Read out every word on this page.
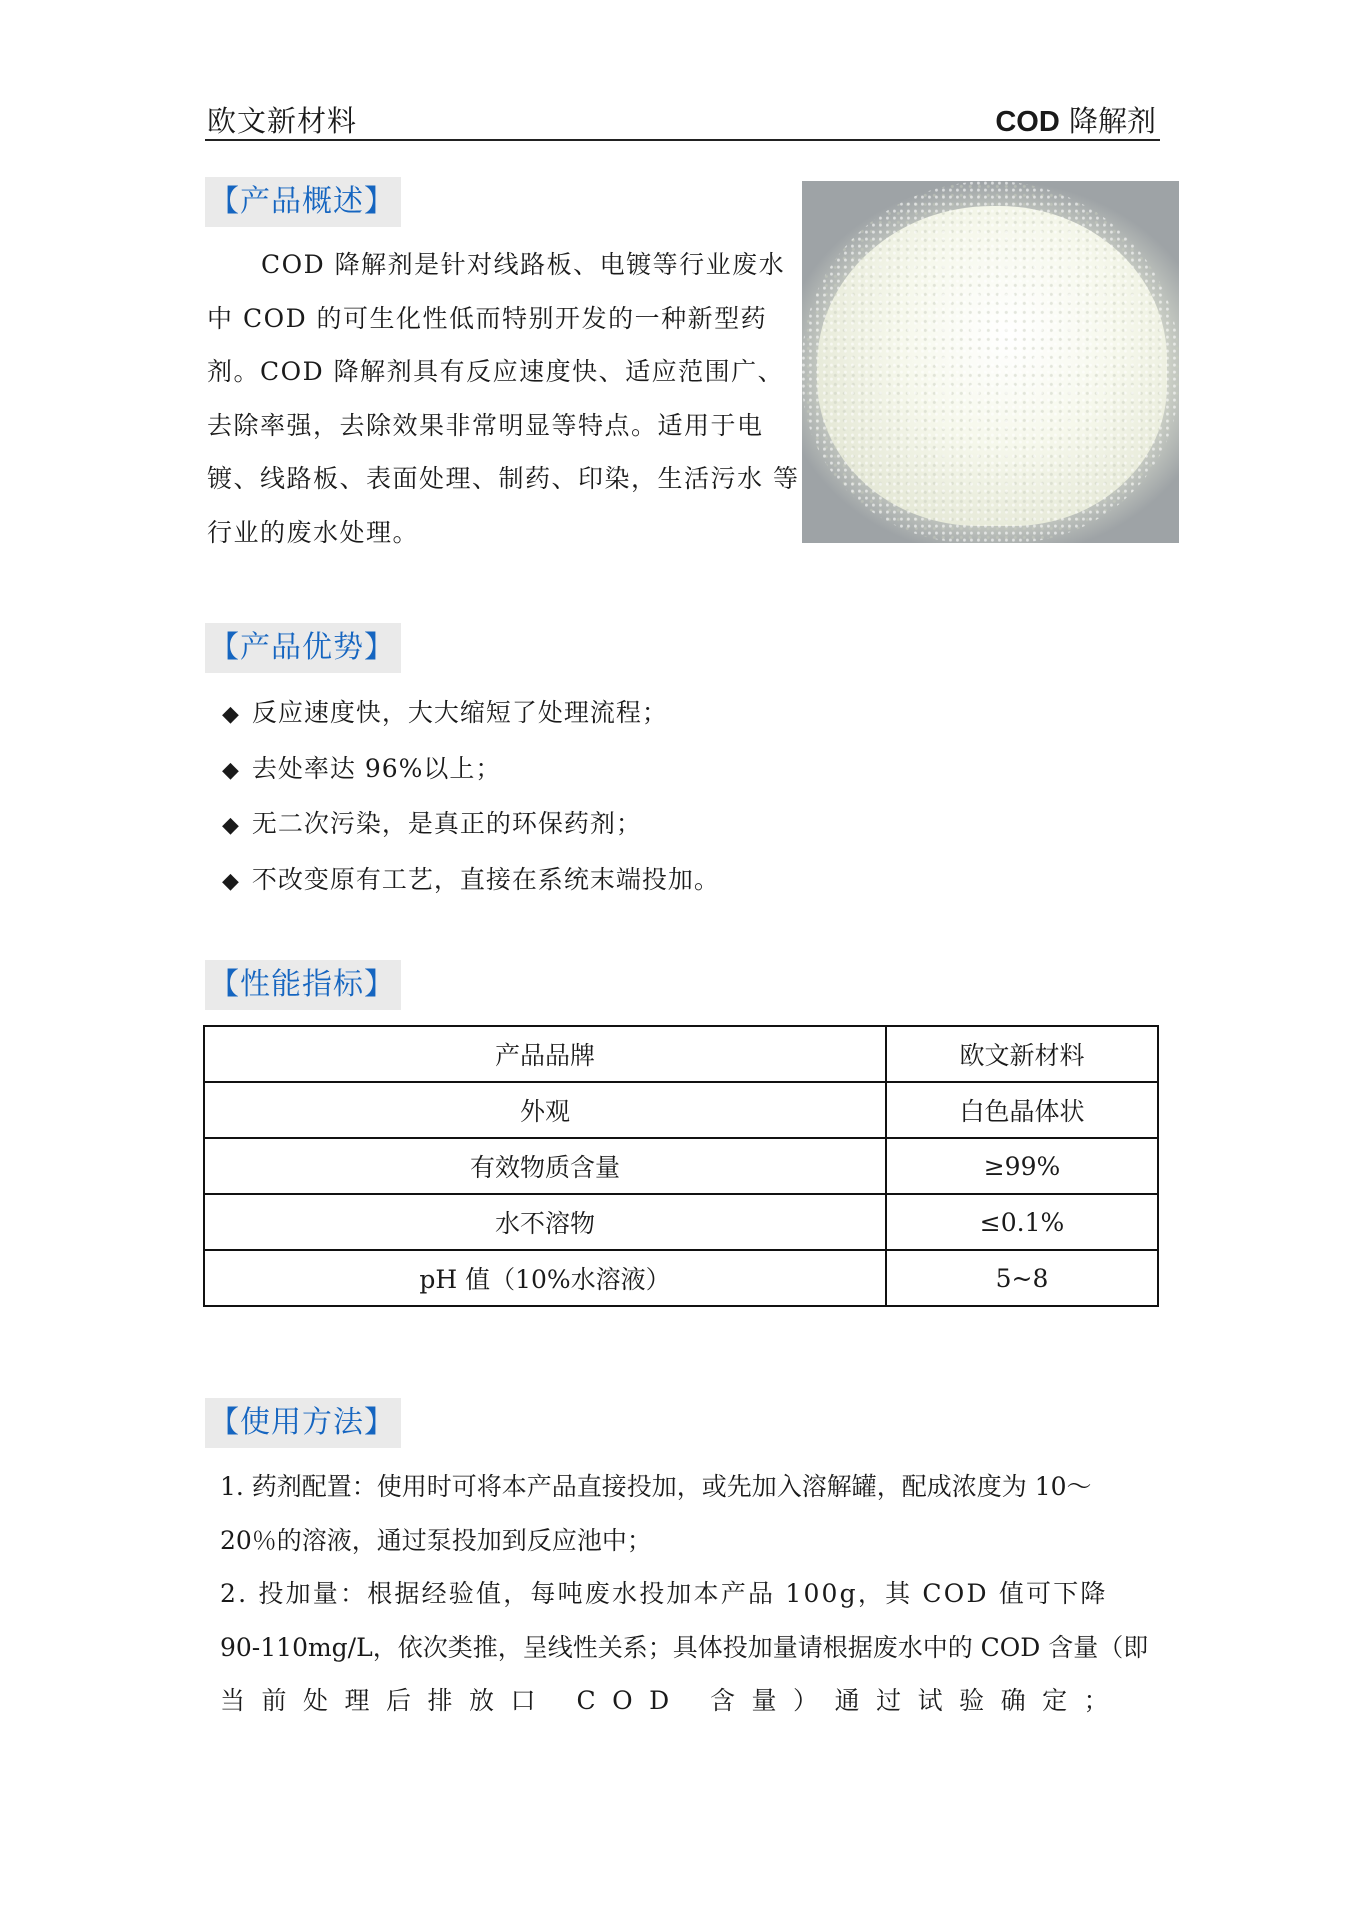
欧文新材料	COD 降解剂
【产品概述】
COD 降解剂是针对线路板、电镀等行业废水
中 COD 的可生化性低而特别开发的一种新型药
剂。COD 降解剂具有反应速度快、适应范围广、
去除率强，去除效果非常明显等特点。适用于电
镀、线路板、表面处理、制药、印染，生活污水 等
行业的废水处理。
【产品优势】
◆ 反应速度快，大大缩短了处理流程；
◆ 去处率达 96%以上；
◆ 无二次污染，是真正的环保药剂；
◆ 不改变原有工艺，直接在系统末端投加。
【性能指标】
产品品牌	欧文新材料
外观	白色晶体状
有效物质含量	≥99%
水不溶物	≤0.1%
pH 值（10%水溶液）	5~8
【使用方法】
1. 药剂配置：使用时可将本产品直接投加，或先加入溶解罐，配成浓度为 10～
20％的溶液，通过泵投加到反应池中；
2. 投加量：根据经验值，每吨废水投加本产品 100g，其 COD 值可下降
90-110mg/L，依次类推，呈线性关系；具体投加量请根据废水中的 COD 含量（即
当前处理后排放口 COD 含量）通过试验确定；
